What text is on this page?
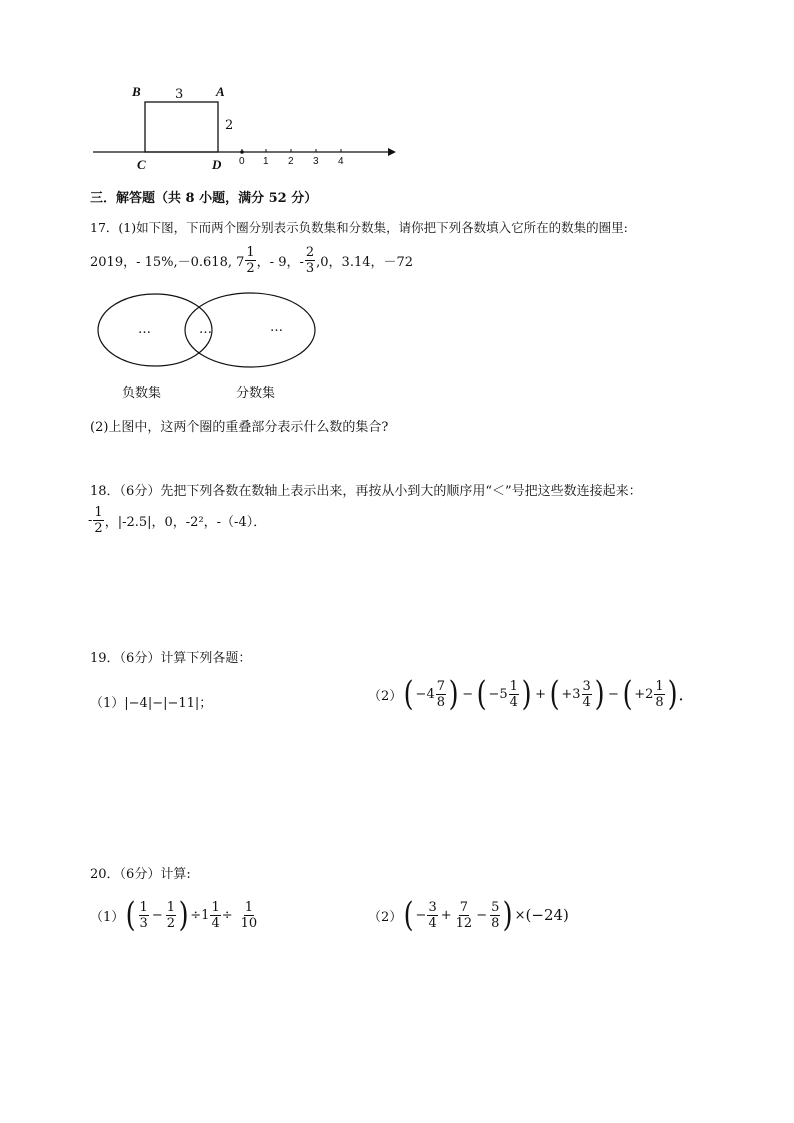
B	3	A
2
C	D 0 1 2 3 4
三．解答题（共 8 小题，满分 52 分）
17．(1)如下图，下而两个圈分别表示负数集和分数集，请你把下列各数填入它所在的数集的圈里:
2019，- 15%,－0.618, $7 \frac{1}{2}$ ，- 9，- $\frac{2}{3} ,0$，3.14，－72
…	…	…
负数集	分数集
(2)上图中，这两个圈的重叠部分表示什么数的集合?
18．（6分）先把下列各数在数轴上表示出来，再按从小到大的顺序用“＜”号把这些数连接起来：
- $\frac{1}{2}$ ，|-2.5|，0，-2²，-（-4）．
19．（6分）计算下列各题：
（1） |−4|−|−11|；	（2） ( $-4 \frac{7}{8}$ ) − ( $-5 \frac{1}{4}$ ) + ( $+3 \frac{3}{4}$ ) − ( $+2 \frac{1}{8}$ ) ．
20．（6分）计算:
（1） ( $\frac{1}{3} - \frac{1}{2}$ ) $\div 1 \frac{1}{4} \div \frac{1}{10}$	（2） ( − $\frac{3}{4} + \frac{7}{12} - \frac{5}{8}$ ) × (−24)
